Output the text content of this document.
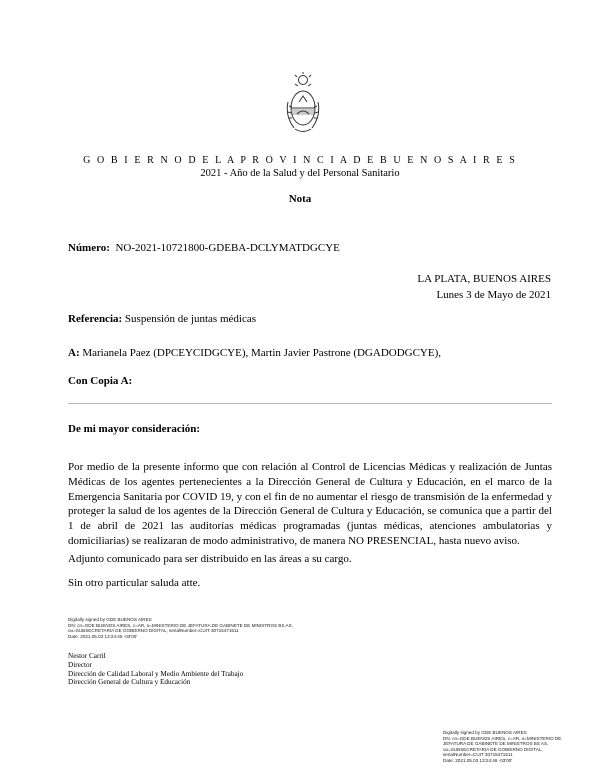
G O B I E R N O D E L A P R O V I N C I A D E B U E N O S A I R E S
2021 - Año de la Salud y del Personal Sanitario
Nota
Número: NO-2021-10721800-GDEBA-DCLYMATDGCYE
LA PLATA, BUENOS AIRES
Lunes 3 de Mayo de 2021
Referencia: Suspensión de juntas médicas
A: Marianela Paez (DPCEYCIDGCYE), Martin Javier Pastrone (DGADODGCYE),
Con Copia A:
De mi mayor consideración:
Por medio de la presente informo que con relación al Control de Licencias Médicas y realización de Juntas Médicas de los agentes pertenecientes a la Dirección General de Cultura y Educación, en el marco de la Emergencia Sanitaria por COVID 19, y con el fin de no aumentar el riesgo de transmisión de la enfermedad y proteger la salud de los agentes de la Dirección General de Cultura y Educación, se comunica que a partir del 1 de abril de 2021 las auditorías médicas programadas (juntas médicas, atenciones ambulatorias y domiciliarias) se realizaran de modo administrativo, de manera NO PRESENCIAL, hasta nuevo aviso.
Adjunto comunicado para ser distribuido en las áreas a su cargo.
Sin otro particular saluda atte.
Digitally signed by GDE BUENOS AIRES
DN: cn=GDE BUENOS AIRES, c=AR, o=MINISTERIO DE JEFATURA DE GABINETE DE MINISTROS BS AS,
ou=SUBSECRETARIA DE GOBIERNO DIGITAL, serialNumber=CUIT 30715471511
Date: 2021.05.03 13:24:45 -03'00'
Nestor Carril
Director
Dirección de Calidad Laboral y Medio Ambiente del Trabajo
Dirección General de Cultura y Educación
Digitally signed by GDE BUENOS AIRES
DN: cn=GDE BUENOS AIRES, c=AR, o=MINISTERIO DE
JEFATURA DE GABINETE DE MINISTROS BS AS,
ou=SUBSECRETARIA DE GOBIERNO DIGITAL,
serialNumber=CUIT 30715471511
Date: 2021.05.03 13:24:46 -03'00'
